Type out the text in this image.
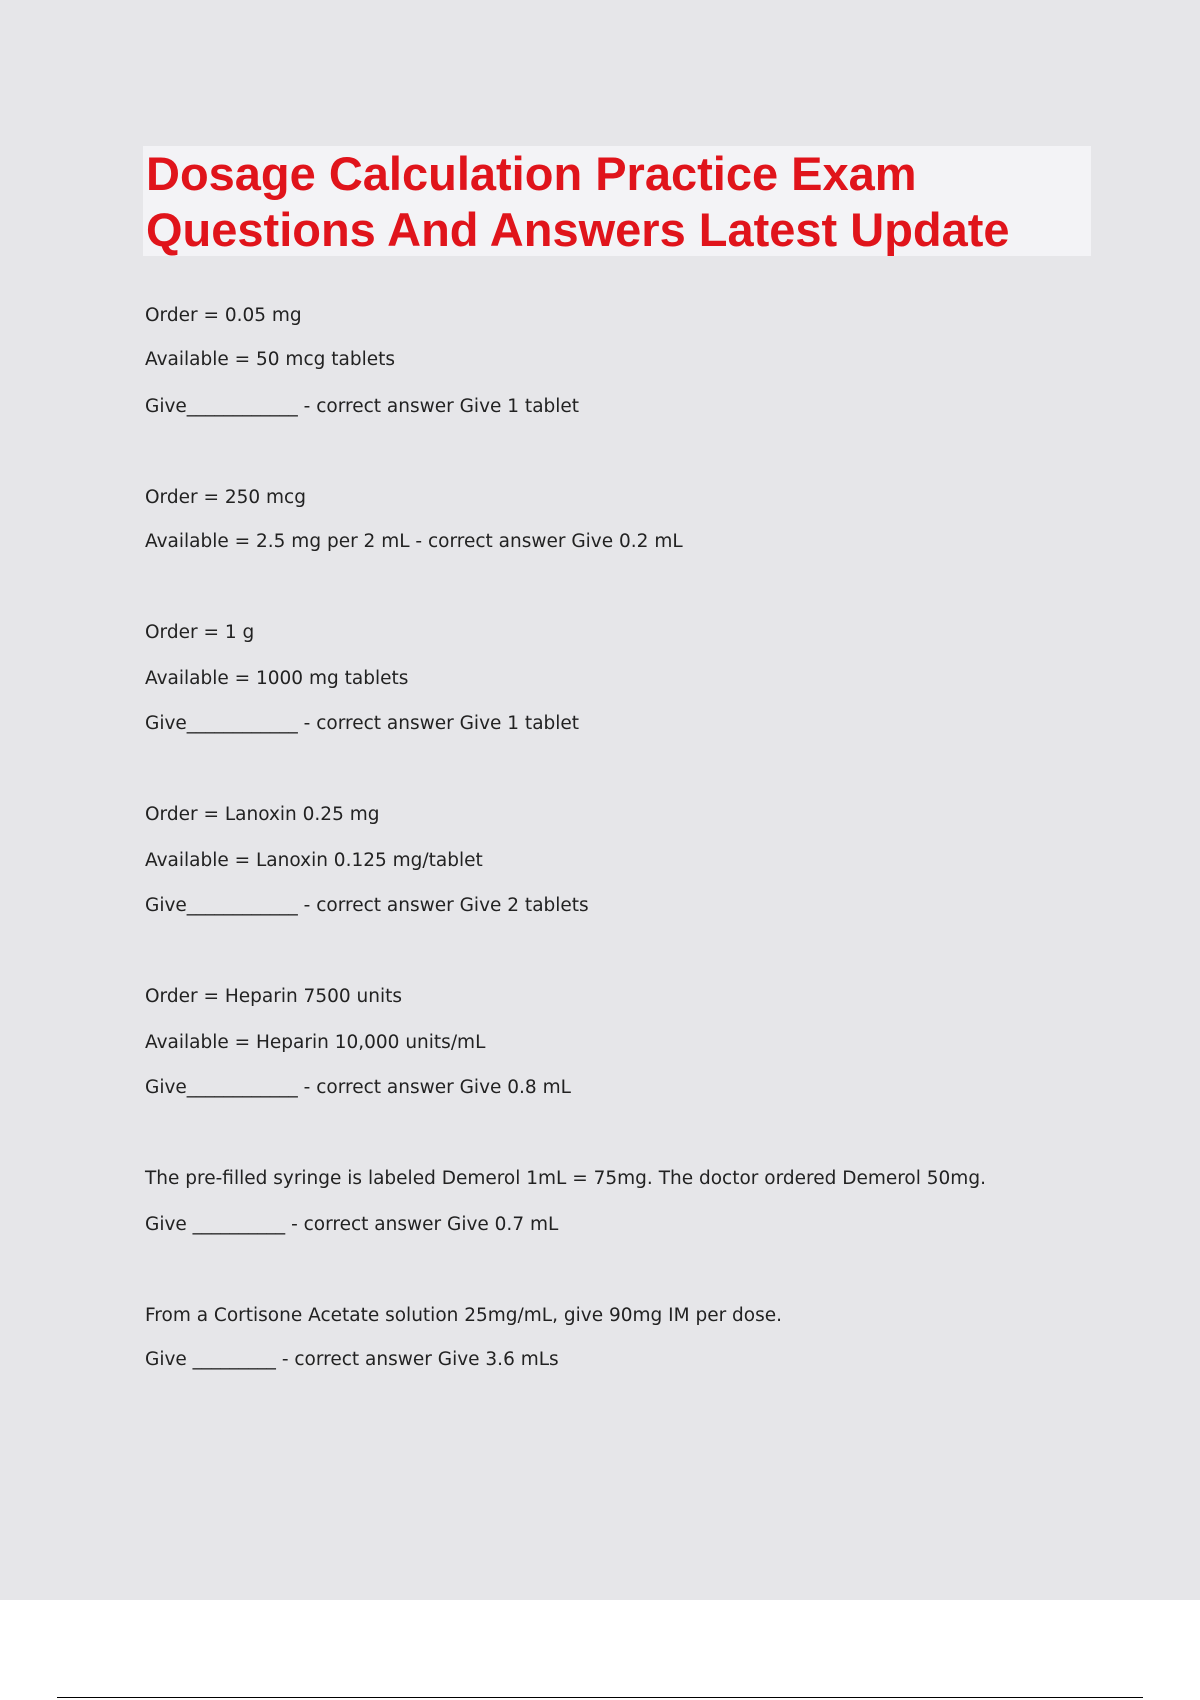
Dosage Calculation Practice Exam
Questions And Answers Latest Update

Order = 0.05 mg

Available = 50 mcg tablets

Give____________ - correct answer Give 1 tablet

Order = 250 mcg

Available = 2.5 mg per 2 mL - correct answer Give 0.2 mL

Order = 1 g

Available = 1000 mg tablets

Give____________ - correct answer Give 1 tablet

Order = Lanoxin 0.25 mg

Available = Lanoxin 0.125 mg/tablet

Give____________ - correct answer Give 2 tablets

Order = Heparin 7500 units

Available = Heparin 10,000 units/mL

Give____________ - correct answer Give 0.8 mL

The pre-filled syringe is labeled Demerol 1mL = 75mg. The doctor ordered Demerol 50mg.

Give __________ - correct answer Give 0.7 mL

From a Cortisone Acetate solution 25mg/mL, give 90mg IM per dose.

Give _________ - correct answer Give 3.6 mLs
